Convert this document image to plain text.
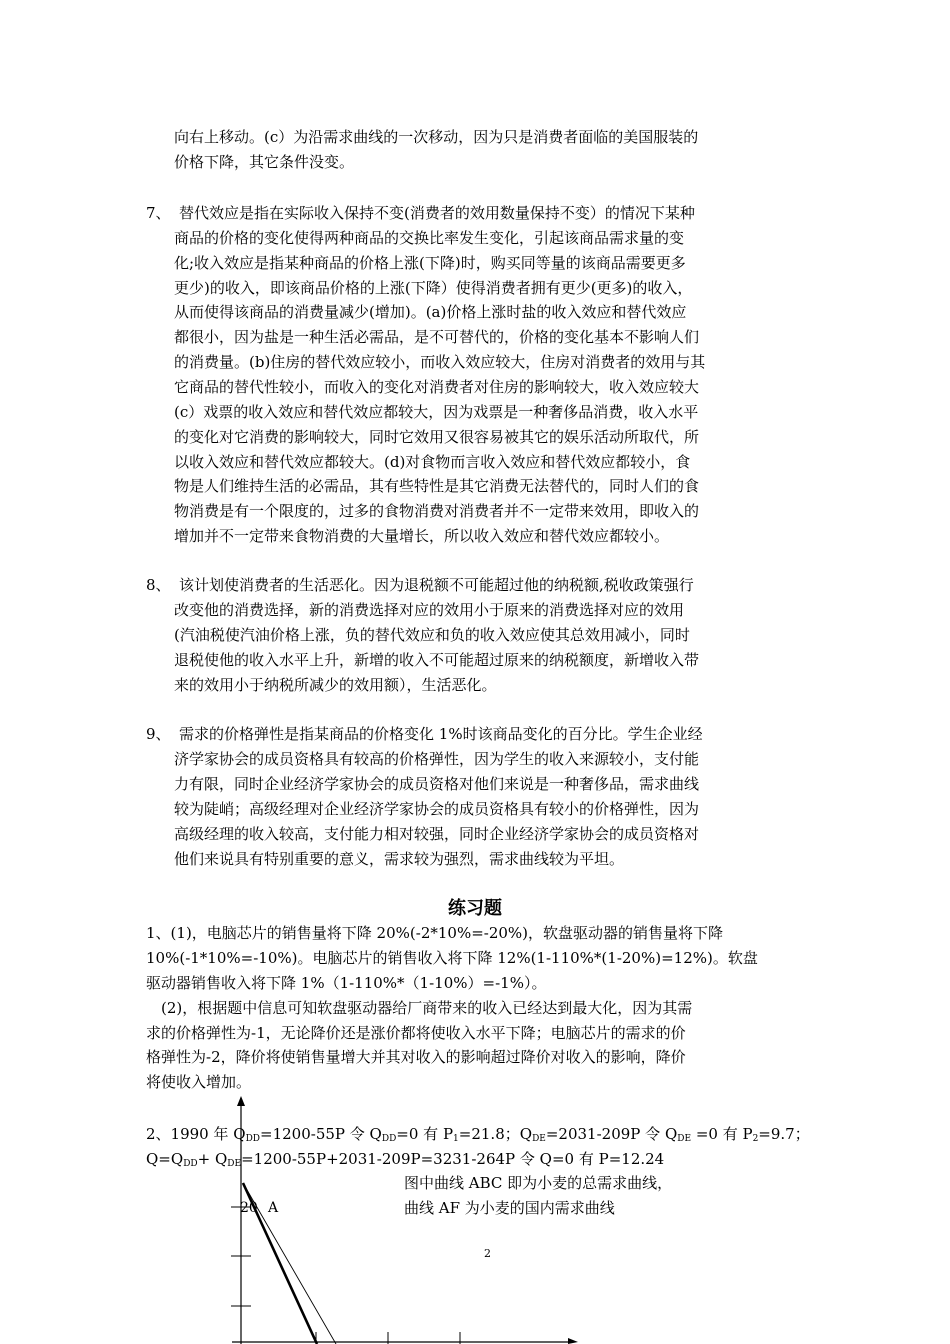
向右上移动。(c）为沿需求曲线的一次移动，因为只是消费者面临的美国服装的
价格下降，其它条件没变。
7、 替代效应是指在实际收入保持不变(消费者的效用数量保持不变）的情况下某种
商品的价格的变化使得两种商品的交换比率发生变化，引起该商品需求量的变
化;收入效应是指某种商品的价格上涨(下降)时，购买同等量的该商品需要更多
更少)的收入，即该商品价格的上涨(下降）使得消费者拥有更少(更多)的收入，
从而使得该商品的消费量减少(增加)。(a)价格上涨时盐的收入效应和替代效应
都很小，因为盐是一种生活必需品，是不可替代的，价格的变化基本不影响人们
的消费量。(b)住房的替代效应较小，而收入效应较大，住房对消费者的效用与其
它商品的替代性较小，而收入的变化对消费者对住房的影响较大，收入效应较大
(c）戏票的收入效应和替代效应都较大，因为戏票是一种奢侈品消费，收入水平
的变化对它消费的影响较大，同时它效用又很容易被其它的娱乐活动所取代，所
以收入效应和替代效应都较大。(d)对食物而言收入效应和替代效应都较小，食
物是人们维持生活的必需品，其有些特性是其它消费无法替代的，同时人们的食
物消费是有一个限度的，过多的食物消费对消费者并不一定带来效用，即收入的
增加并不一定带来食物消费的大量增长，所以收入效应和替代效应都较小。
8、 该计划使消费者的生活恶化。因为退税额不可能超过他的纳税额,税收政策强行
改变他的消费选择，新的消费选择对应的效用小于原来的消费选择对应的效用
(汽油税使汽油价格上涨，负的替代效应和负的收入效应使其总效用减小，同时
退税使他的收入水平上升，新增的收入不可能超过原来的纳税额度，新增收入带
来的效用小于纳税所减少的效用额），生活恶化。
9、 需求的价格弹性是指某商品的价格变化 1%时该商品变化的百分比。学生企业经
济学家协会的成员资格具有较高的价格弹性，因为学生的收入来源较小，支付能
力有限，同时企业经济学家协会的成员资格对他们来说是一种奢侈品，需求曲线
较为陡峭；高级经理对企业经济学家协会的成员资格具有较小的价格弹性，因为
高级经理的收入较高，支付能力相对较强，同时企业经济学家协会的成员资格对
他们来说具有特别重要的意义，需求较为强烈，需求曲线较为平坦。
练习题
1、(1)，电脑芯片的销售量将下降 20%(-2*10%=-20%)，软盘驱动器的销售量将下降
10%(-1*10%=-10%)。电脑芯片的销售收入将下降 12%(1-110%*(1-20%)=12%)。软盘
驱动器销售收入将下降 1%（1-110%*（1-10%）=-1%）。
　(2)，根据题中信息可知软盘驱动器给厂商带来的收入已经达到最大化，因为其需
求的价格弹性为-1，无论降价还是涨价都将使收入水平下降；电脑芯片的需求的价
格弹性为-2，降价将使销售量增大并其对收入的影响超过降价对收入的影响，降价
将使收入增加。
2、1990 年 $Q_{DD}=1200-55P$ 令 $Q_{DD}=0$ 有 $P_1=21.8$；$Q_{DE}=2031-209P$ 令 $Q_{DE} =0$ 有 $P_2=9.7$；
$Q=Q_{DD}+ Q_{DE}=1200-55P+2031-209P=3231-264P$ 令 Q=0 有 P=12.24
图中曲线 ABC 即为小麦的总需求曲线，
曲线 AF 为小麦的国内需求曲线
20 A
2
